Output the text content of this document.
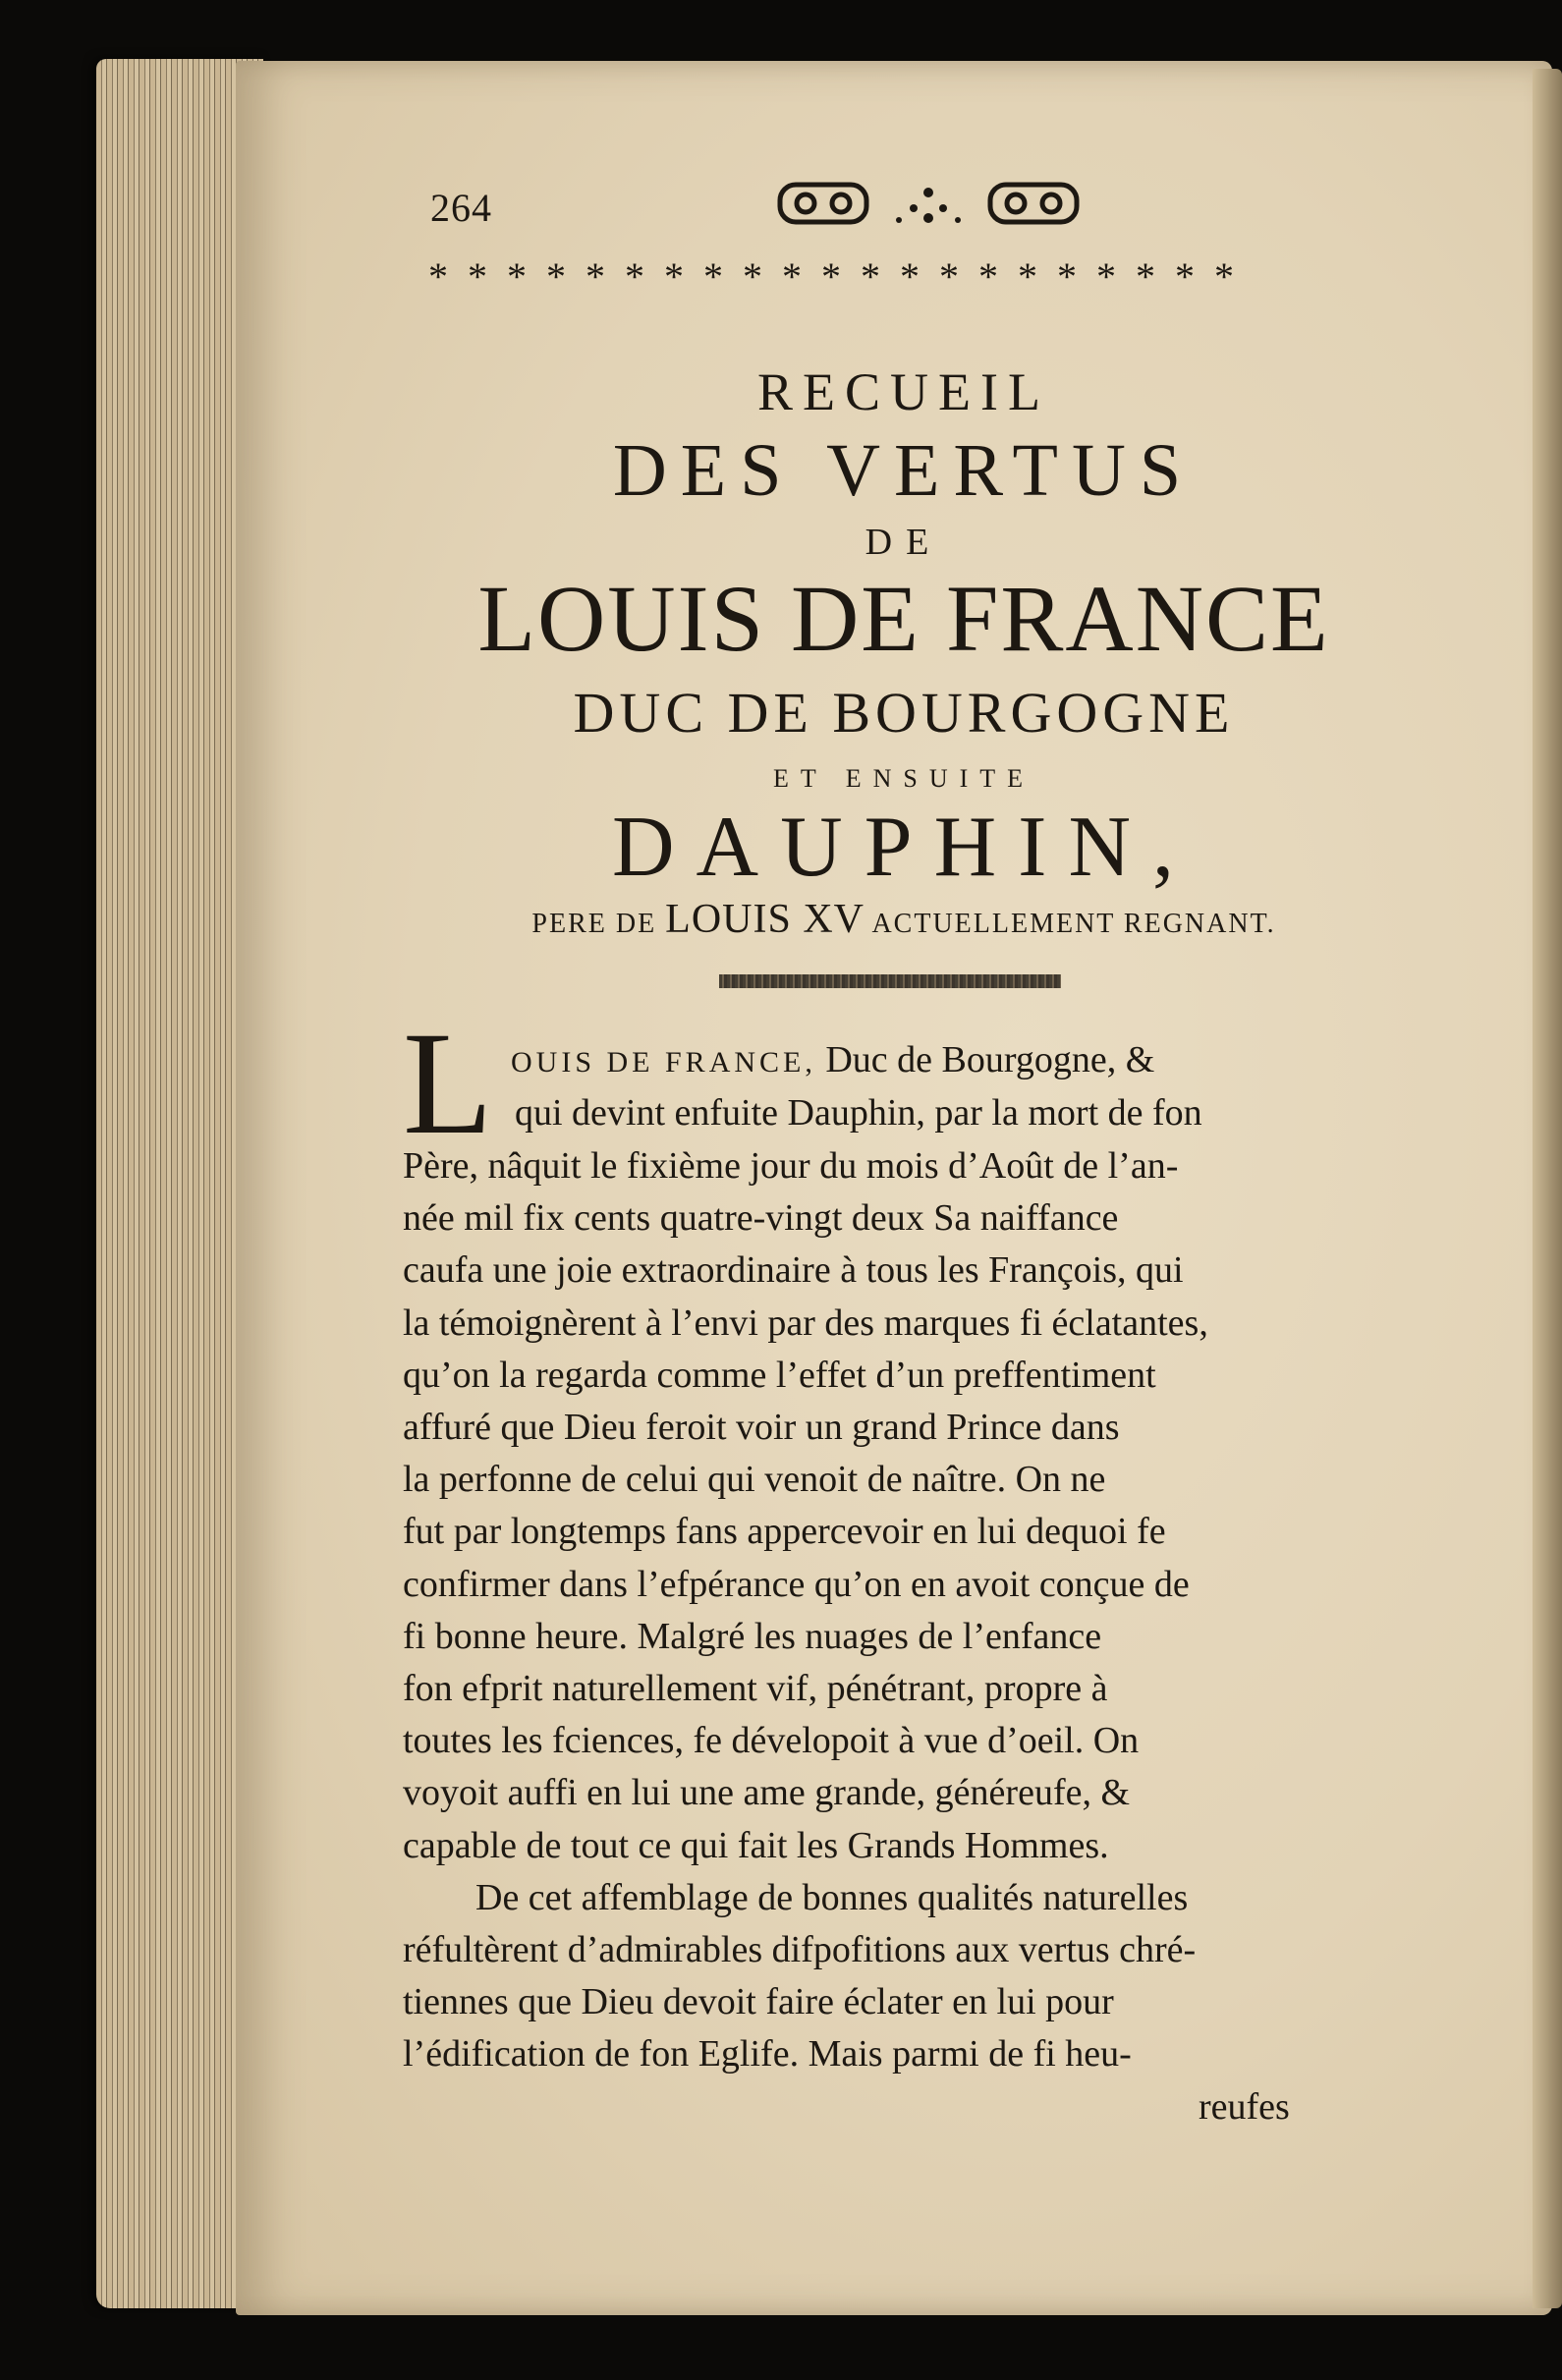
264
* * * * * * * * * * * * * * * * * * * * *
RECUEIL
DES VERTUS
DE
LOUIS DE FRANCE
DUC DE BOURGOGNE
ET ENSUITE
DAUPHIN,
PERE DE LOUIS XV ACTUELLEMENT REGNANT.
L OUIS DE FRANCE, Duc de Bourgogne, &
qui devint enfuite Dauphin, par la mort de fon
Père, nâquit le fixième jour du mois d’Août de l’an-
née mil fix cents quatre-vingt deux Sa naiffance
caufa une joie extraordinaire à tous les François, qui
la témoignèrent à l’envi par des marques fi éclatantes,
qu’on la regarda comme l’effet d’un preffentiment
affuré que Dieu feroit voir un grand Prince dans
la perfonne de celui qui venoit de naître. On ne
fut par longtemps fans appercevoir en lui dequoi fe
confirmer dans l’efpérance qu’on en avoit conçue de
fi bonne heure. Malgré les nuages de l’enfance
fon efprit naturellement vif, pénétrant, propre à
toutes les fciences, fe dévelopoit à vue d’oeil. On
voyoit auffi en lui une ame grande, généreufe, &
capable de tout ce qui fait les Grands Hommes.
De cet affemblage de bonnes qualités naturelles
réfultèrent d’admirables difpofitions aux vertus chré-
tiennes que Dieu devoit faire éclater en lui pour
l’édification de fon Eglife. Mais parmi de fi heu-
reufes
